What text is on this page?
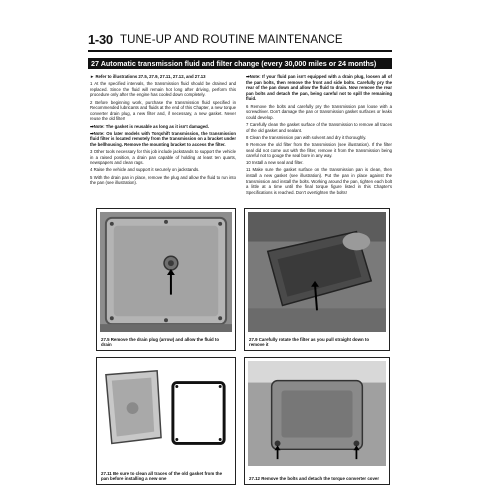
1-30 TUNE-UP AND ROUTINE MAINTENANCE
27 Automatic transmission fluid and filter change (every 30,000 miles or 24 months)

► Refer to illustrations 27.5, 27.9, 27.11, 27.12, and 27.13

1 At the specified intervals, the transmission fluid should be drained and replaced. Since the fluid will remain hot long after driving, perform this procedure only after the engine has cooled down completely.

2 Before beginning work, purchase the transmission fluid specified in Recommended lubricants and fluids at the end of this Chapter, a new torque converter drain plug, a new filter and, if necessary, a new gasket. Never reuse the old filter!

➡Note: The gasket is reusable as long as it isn't damaged.

➡Note: On later models with Torqshift transmission, the transmission fluid filter is located remotely from the transmission on a bracket under the bellhousing. Remove the mounting bracket to access the filter.

3 Other tools necessary for this job include jackstands to support the vehicle in a raised position, a drain pan capable of holding at least ten quarts, newspapers and clean rags.

4 Raise the vehicle and support it securely on jackstands.

5 With the drain pan in place, remove the plug and allow the fluid to run into the pan (see illustration).

➡Note: If your fluid pan isn't equipped with a drain plug, loosen all of the pan bolts, then remove the front and side bolts. Carefully pry the rear of the pan down and allow the fluid to drain. Now remove the rear pan bolts and detach the pan, being careful not to spill the remaining fluid.

6 Remove the bolts and carefully pry the transmission pan loose with a screwdriver. Don't damage the pan or transmission gasket surfaces or leaks could develop.

7 Carefully clean the gasket surface of the transmission to remove all traces of the old gasket and sealant.

8 Clean the transmission pan with solvent and dry it thoroughly.

9 Remove the old filter from the transmission (see illustration). If the filter seal did not come out with the filter, remove it from the transmission being careful not to gouge the seal bore in any way.

10 Install a new seal and filter.

11 Make sure the gasket surface on the transmission pan is clean, then install a new gasket (see illustration). Put the pan in place against the transmission and install the bolts. Working around the pan, tighten each bolt a little at a time until the final torque figure listed in this Chapter's Specifications is reached. Don't overtighten the bolts!

27.5 Remove the drain plug (arrow) and allow the fluid to drain
27.9 Carefully rotate the filter as you pull straight down to remove it
27.11 Be sure to clean all traces of the old gasket from the pan before installing a new one	27.12 Remove the bolts and detach the torque converter cover
